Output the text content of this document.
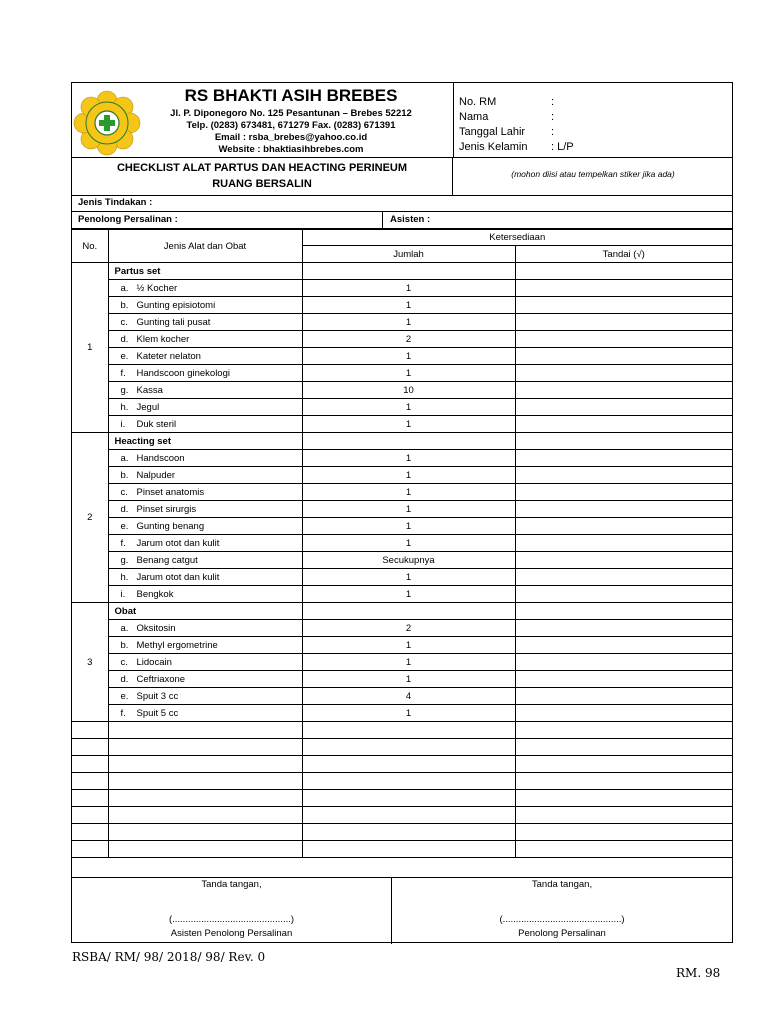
RS BHAKTI ASIH BREBES
Jl. P. Diponegoro No. 125 Pesantunan – Brebes 52212
Telp. (0283) 673481, 671279 Fax. (0283) 671391
Email : rsba_brebes@yahoo.co.id
Website : bhaktiasihbrebes.com
No. RM	:
Nama	:
Tanggal Lahir	:
Jenis Kelamin	: L/P
CHECKLIST ALAT PARTUS DAN HEACTING PERINEUM
RUANG BERSALIN
(mohon diisi atau tempelkan stiker jika ada)
Jenis Tindakan :
Penolong Persalinan :	Asisten :
No.	Jenis Alat dan Obat	Ketersediaan	
		Jumlah	Tandai (√)
1	Partus set		
	a. ½ Kocher	1	
	b. Gunting episiotomi	1	
	c. Gunting tali pusat	1	
	d. Klem kocher	2	
	e. Kateter nelaton	1	
	f. Handscoon ginekologi	1	
	g. Kassa	10	
	h. Jegul	1	
	i. Duk steril	1	
2	Heacting set		
	a. Handscoon	1	
	b. Nalpuder	1	
	c. Pinset anatomis	1	
	d. Pinset sirurgis	1	
	e. Gunting benang	1	
	f. Jarum otot dan kulit	1	
	g. Benang catgut	Secukupnya	
	h. Jarum otot dan kulit	1	
	i. Bengkok	1	
3	Obat		
	a. Oksitosin	2	
	b. Methyl ergometrine	1	
	c. Lidocain	1	
	d. Ceftriaxone	1	
	e. Spuit 3 cc	4	
	f. Spuit 5 cc	1	

Tanda tangan,
(.............................................)
Asisten Penolong Persalinan
Tanda tangan,
(.............................................)
Penolong Persalinan
RSBA/ RM/ 98/ 2018/ 98/ Rev. 0
RM. 98
